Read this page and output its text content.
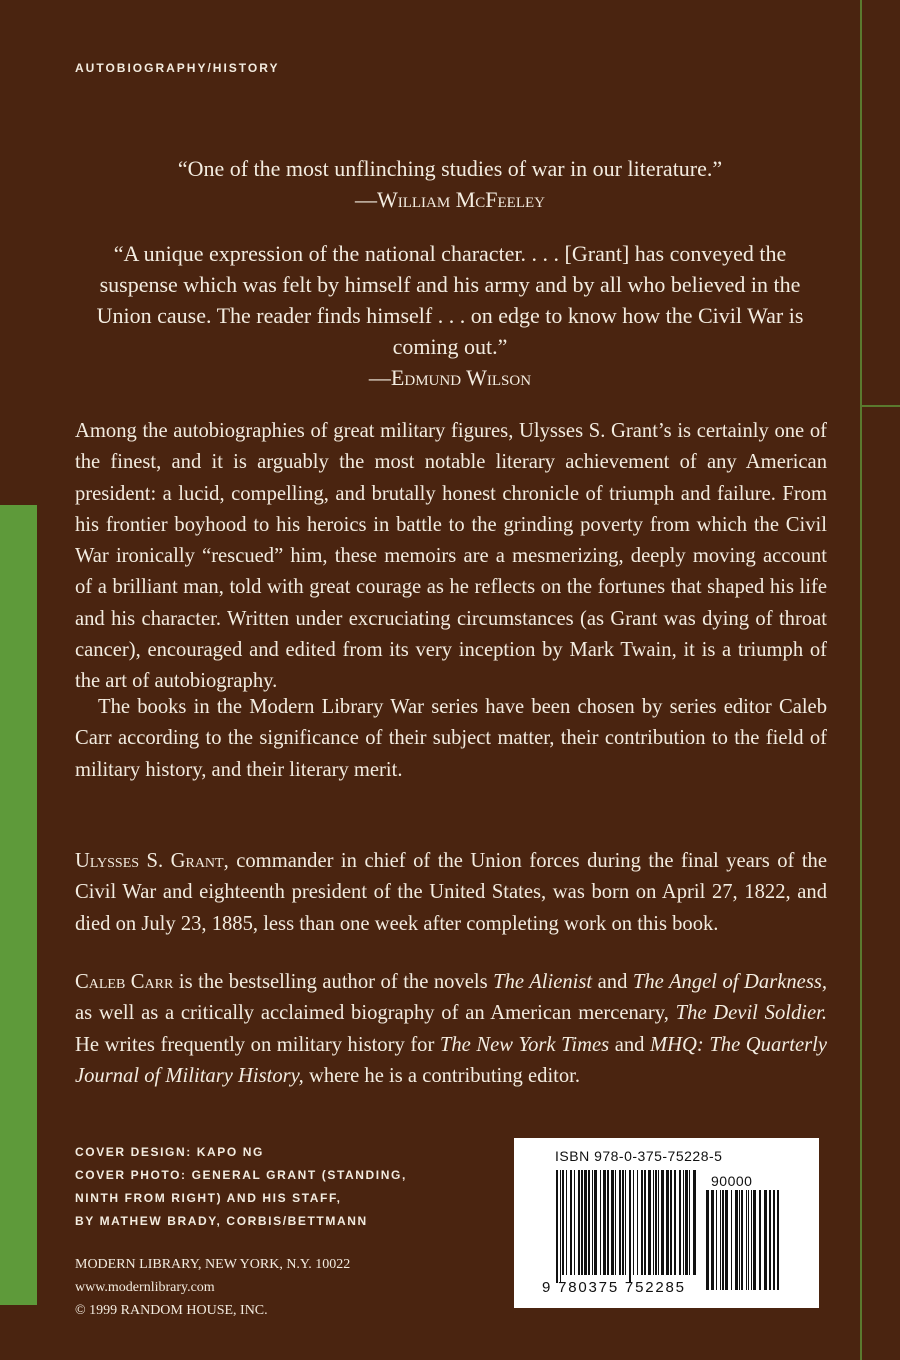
AUTOBIOGRAPHY/HISTORY
“One of the most unflinching studies of war in our literature.”
—William McFeeley
“A unique expression of the national character. . . . [Grant] has conveyed the suspense which was felt by himself and his army and by all who believed in the Union cause. The reader finds himself . . . on edge to know how the Civil War is coming out.”
—Edmund Wilson

Among the autobiographies of great military figures, Ulysses S. Grant’s is certainly one of the finest, and it is arguably the most notable literary achievement of any American president: a lucid, compelling, and brutally honest chronicle of triumph and failure. From his frontier boyhood to his heroics in battle to the grinding poverty from which the Civil War ironically “rescued” him, these memoirs are a mesmerizing, deeply moving account of a brilliant man, told with great courage as he reflects on the fortunes that shaped his life and his character. Written under excruciating circumstances (as Grant was dying of throat cancer), encouraged and edited from its very inception by Mark Twain, it is a triumph of the art of autobiography.

The books in the Modern Library War series have been chosen by series editor Caleb Carr according to the significance of their subject matter, their contribution to the field of military history, and their literary merit.

Ulysses S. Grant, commander in chief of the Union forces during the final years of the Civil War and eighteenth president of the United States, was born on April 27, 1822, and died on July 23, 1885, less than one week after completing work on this book.

Caleb Carr is the bestselling author of the novels The Alienist and The Angel of Darkness, as well as a critically acclaimed biography of an American mercenary, The Devil Soldier. He writes frequently on military history for The New York Times and MHQ: The Quarterly Journal of Military History, where he is a contributing editor.

COVER DESIGN: KAPO NG
COVER PHOTO: GENERAL GRANT (STANDING,
NINTH FROM RIGHT) AND HIS STAFF,
BY MATHEW BRADY, CORBIS/BETTMANN
MODERN LIBRARY, NEW YORK, N.Y. 10022
www.modernlibrary.com
© 1999 RANDOM HOUSE, INC.
ISBN 978-0-375-75228-5
90000
9 780375 752285
